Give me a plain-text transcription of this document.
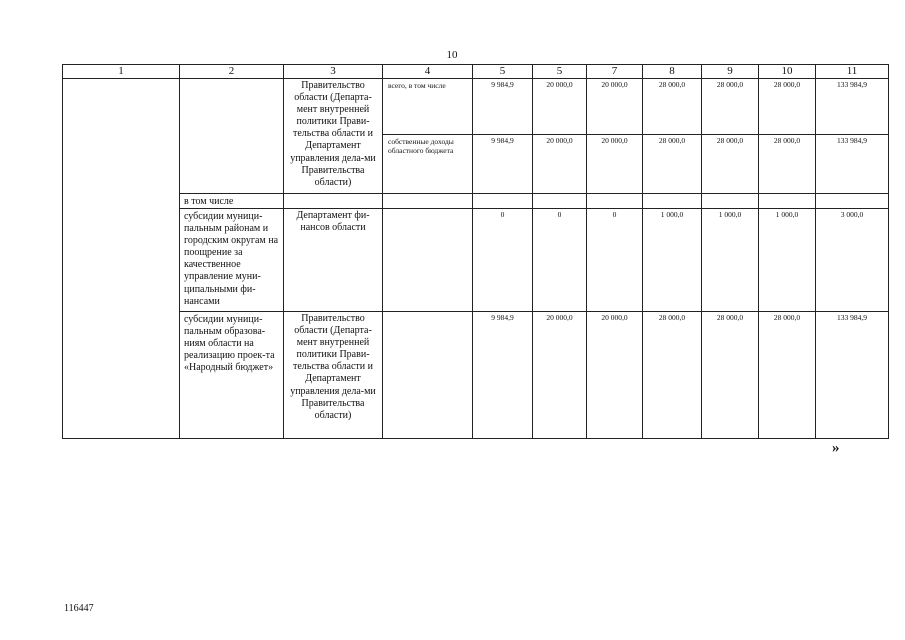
10
1	2	3	4	5	5	7	8	9	10	11
		Правительство области (Департа-мент внутренней политики Прави-тельства области и Департамент управления дела-ми Правительства области)	всего, в том числе	9 984,9	20 000,0	20 000,0	28 000,0	28 000,0	28 000,0	133 984,9
			собственные доходы областного бюджета	9 984,9	20 000,0	20 000,0	28 000,0	28 000,0	28 000,0	133 984,9
	в том числе									
	субсидии муници-пальным районам и городским округам на поощрение за качественное управление муни-ципальными фи-нансами	Департамент фи-нансов области		0	0	0	1 000,0	1 000,0	1 000,0	3 000,0
	субсидии муници-пальным образова-ниям области на реализацию проек-та «Народный бюджет»	Правительство области (Департа-мент внутренней политики Прави-тельства области и Департамент управления дела-ми Правительства области)		9 984,9	20 000,0	20 000,0	28 000,0	28 000,0	28 000,0	133 984,9
»
116447
